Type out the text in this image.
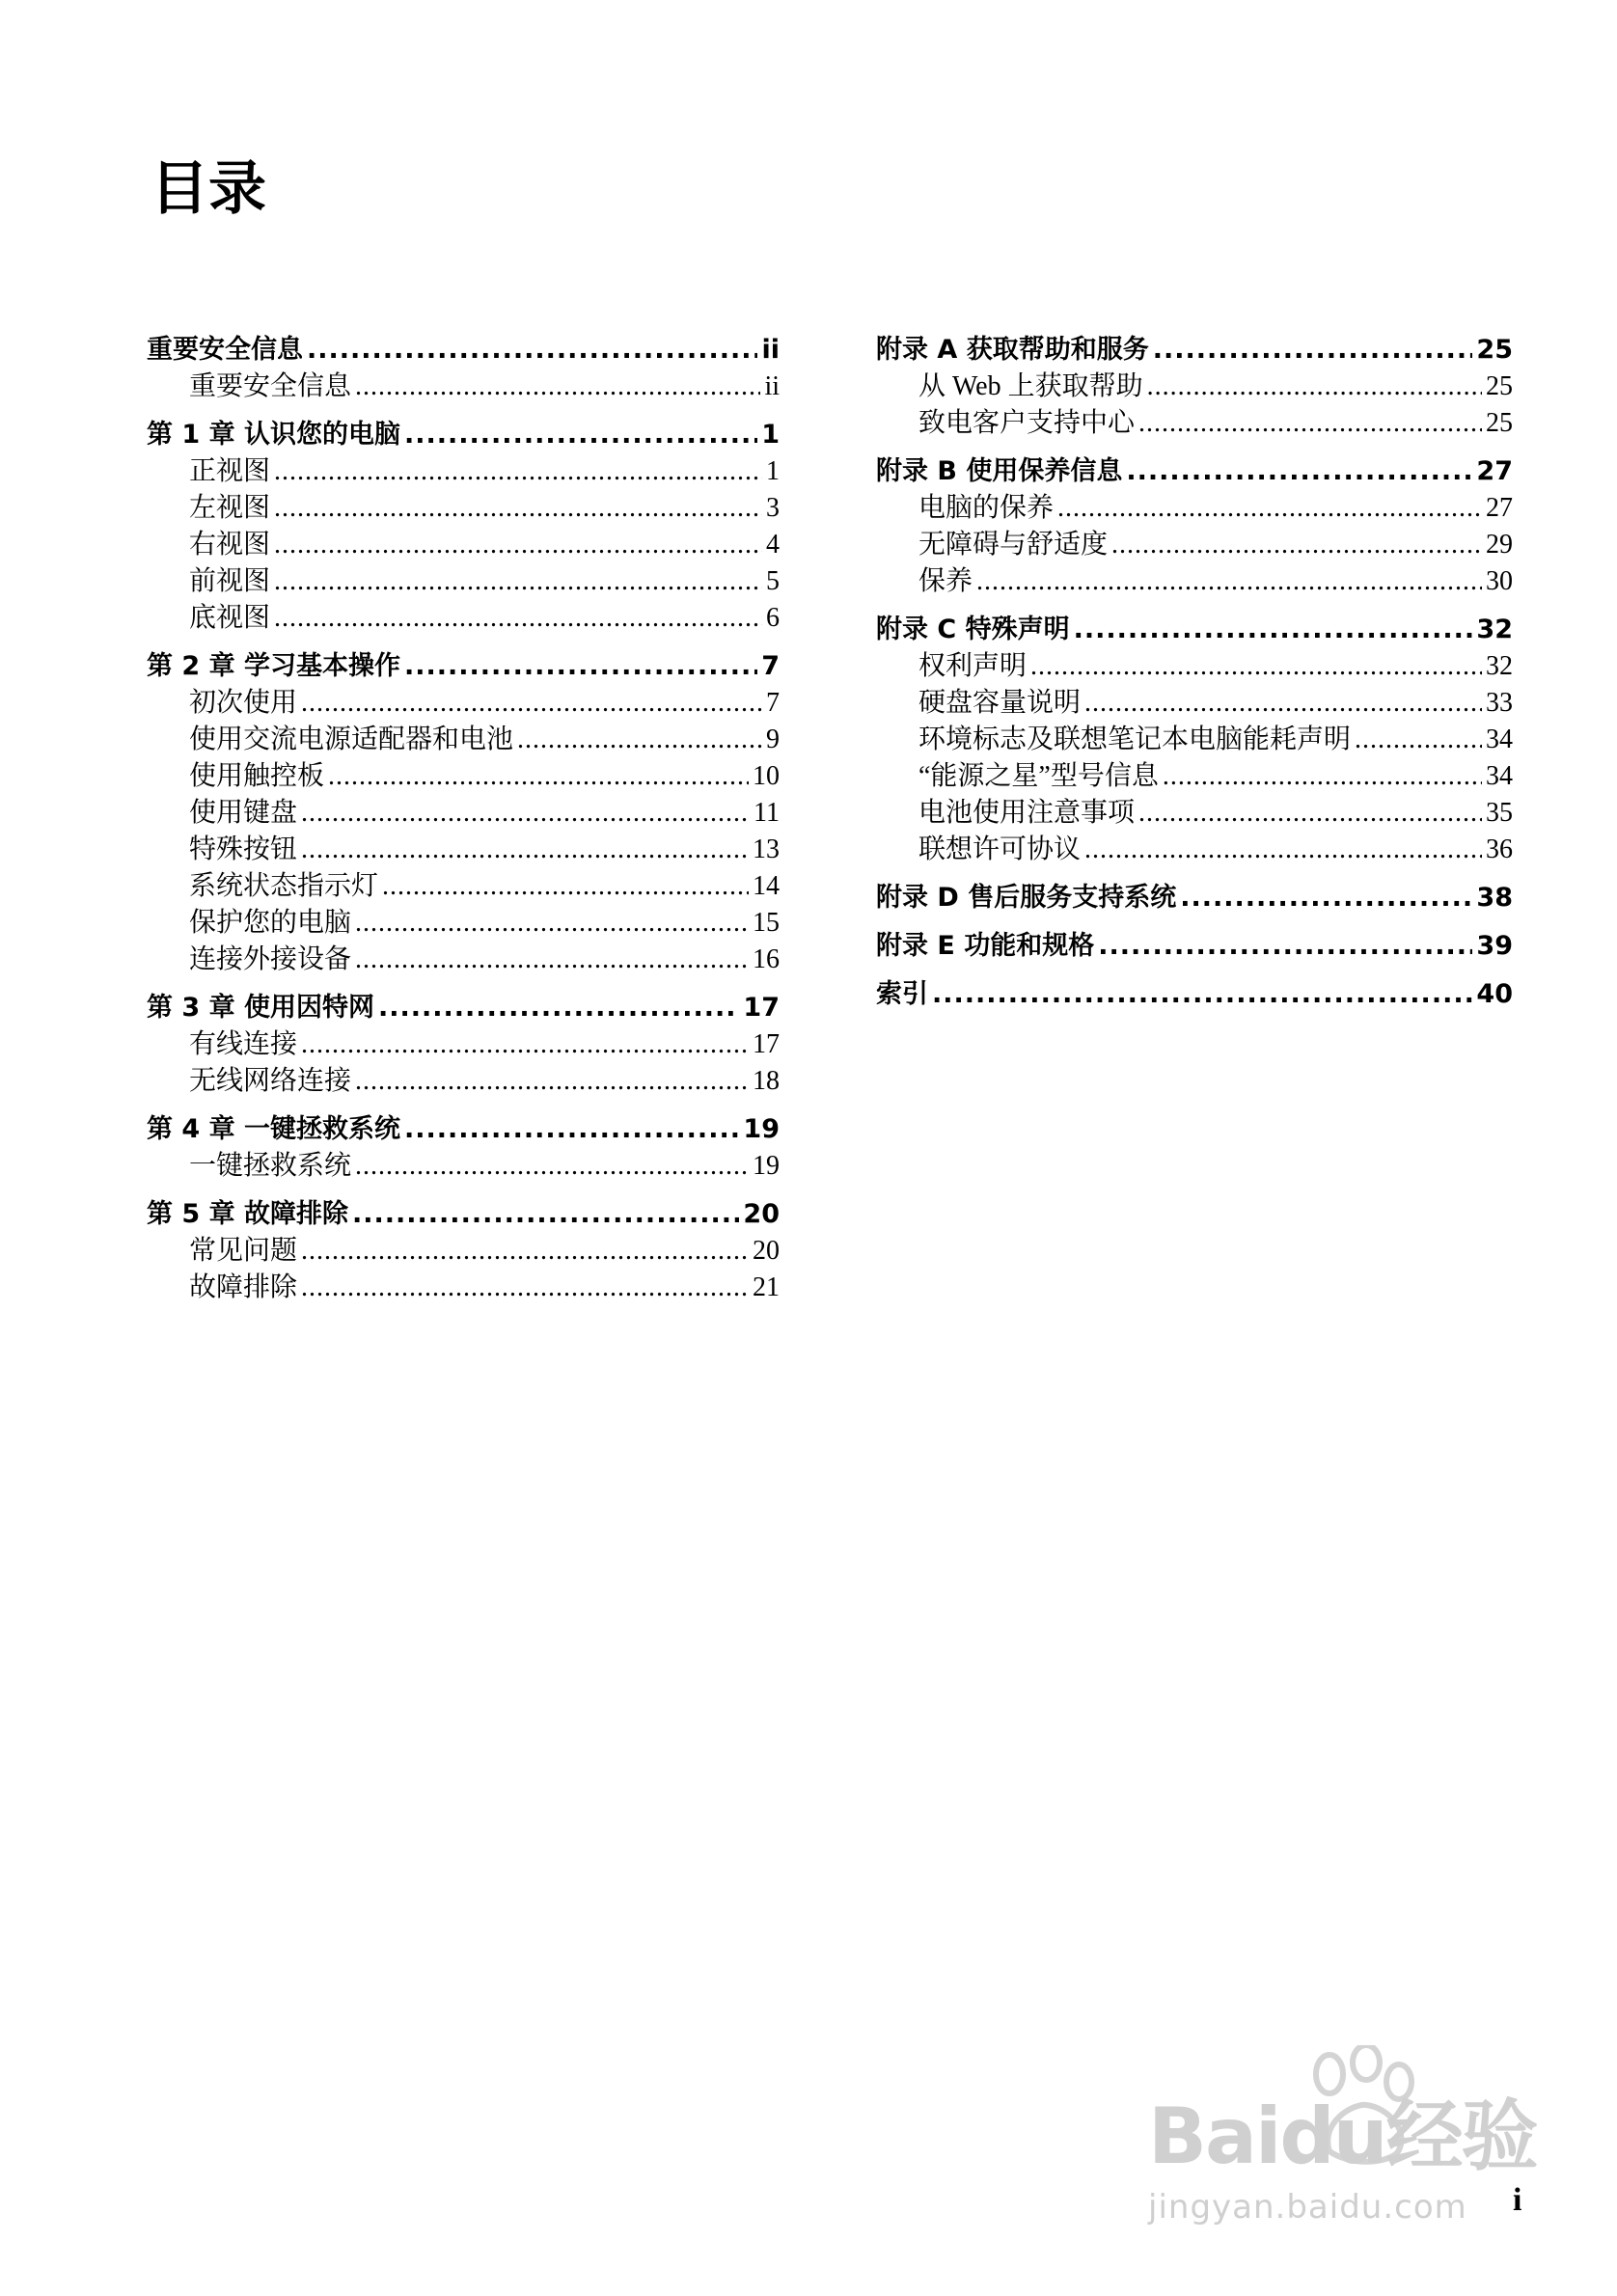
目录
重要安全信息 .....	ii
重要安全信息 .....	ii
第 1 章 认识您的电脑 .....	1
正视图 .....	1
左视图 .....	3
右视图 .....	4
前视图 .....	5
底视图 .....	6
第 2 章 学习基本操作 .....	7
初次使用 .....	7
使用交流电源适配器和电池 .....	9
使用触控板 .....	10
使用键盘 .....	11
特殊按钮 .....	13
系统状态指示灯 .....	14
保护您的电脑 .....	15
连接外接设备 .....	16
第 3 章 使用因特网 .....	17
有线连接 .....	17
无线网络连接 .....	18
第 4 章 一键拯救系统 .....	19
一键拯救系统 .....	19
第 5 章 故障排除 .....	20
常见问题 .....	20
故障排除 .....	21
附录 A 获取帮助和服务 .....	25
从 Web 上获取帮助 .....	25
致电客户支持中心 .....	25
附录 B 使用保养信息 .....	27
电脑的保养 .....	27
无障碍与舒适度 .....	29
保养 .....	30
附录 C 特殊声明 .....	32
权利声明 .....	32
硬盘容量说明 .....	33
环境标志及联想笔记本电脑能耗声明 .....	34
“能源之星”型号信息 .....	34
电池使用注意事项 .....	35
联想许可协议 .....	36
附录 D 售后服务支持系统 .....	38
附录 E 功能和规格 .....	39
索引 .....	40
i
Baidu经验
jingyan.baidu.com
